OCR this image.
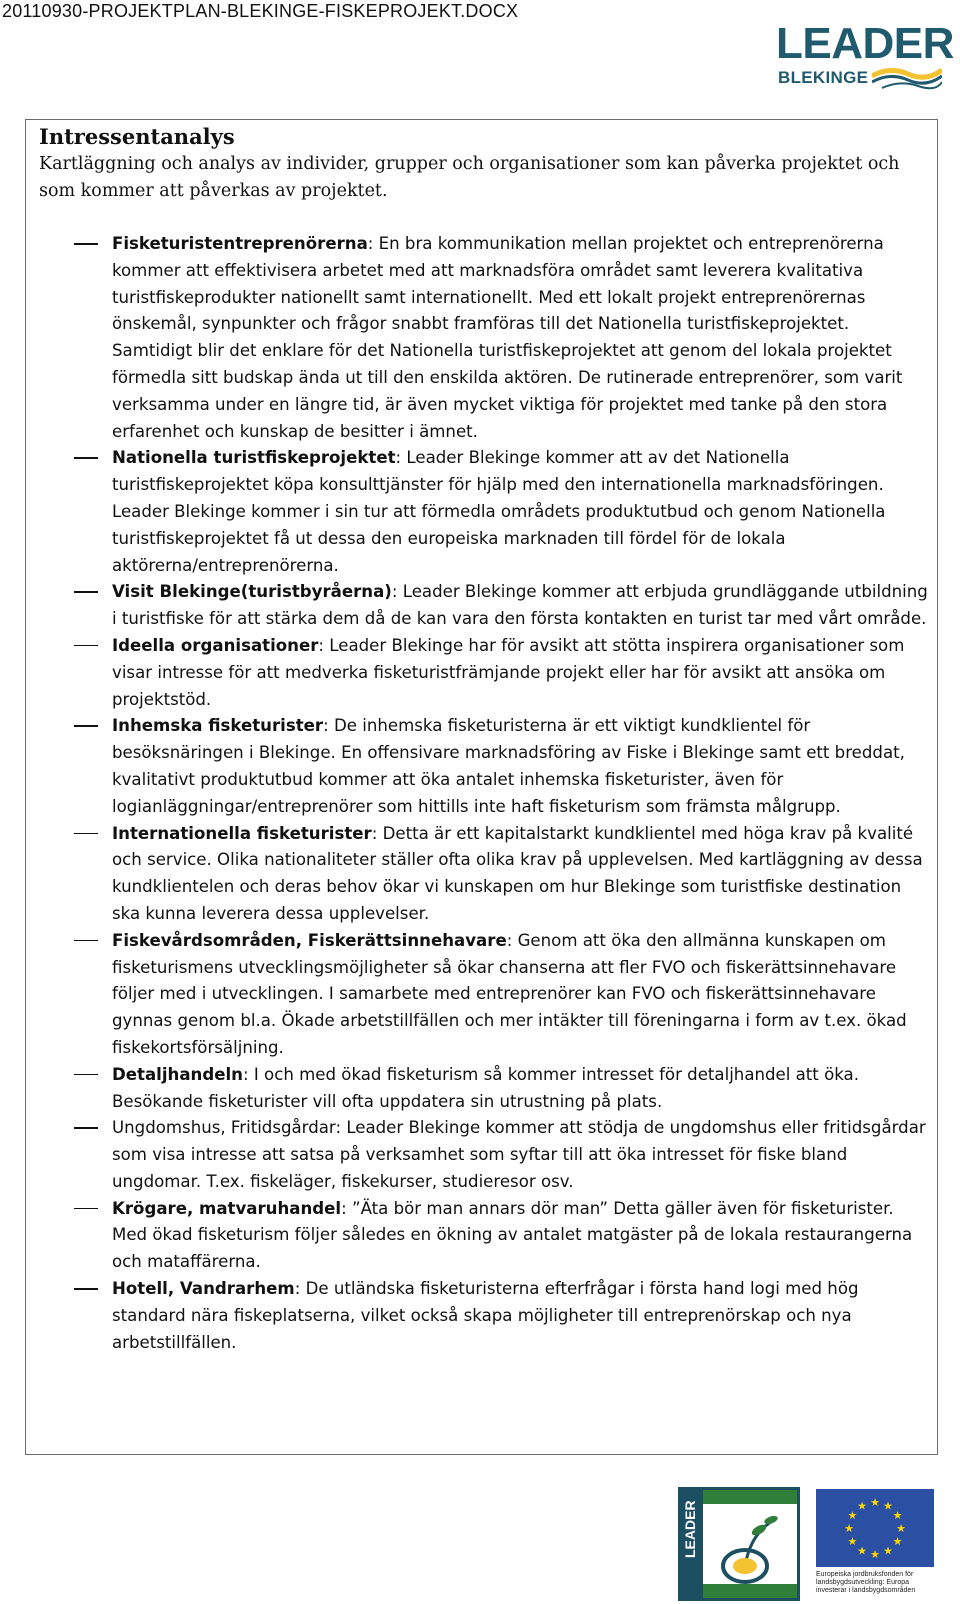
20110930-PROJEKTPLAN-BLEKINGE-FISKEPROJEKT.DOCX
LEADER
BLEKINGE
Intressentanalys
Kartläggning och analys av individer, grupper och organisationer som kan påverka projektet och som kommer att påverkas av projektet.
Fisketuristentreprenörerna: En bra kommunikation mellan projektet och entreprenörerna kommer att effektivisera arbetet med att marknadsföra området samt leverera kvalitativa turistfiskeprodukter nationellt samt internationellt. Med ett lokalt projekt entreprenörernas önskemål, synpunkter och frågor snabbt framföras till det Nationella turistfiskeprojektet. Samtidigt blir det enklare för det Nationella turistfiskeprojektet att genom del lokala projektet förmedla sitt budskap ända ut till den enskilda aktören. De rutinerade entreprenörer, som varit verksamma under en längre tid, är även mycket viktiga för projektet med tanke på den stora erfarenhet och kunskap de besitter i ämnet.
Nationella turistfiskeprojektet: Leader Blekinge kommer att av det Nationella turistfiskeprojektet köpa konsulttjänster för hjälp med den internationella marknadsföringen. Leader Blekinge kommer i sin tur att förmedla områdets produktutbud och genom Nationella turistfiskeprojektet få ut dessa den europeiska marknaden till fördel för de lokala aktörerna/entreprenörerna.
Visit Blekinge(turistbyråerna): Leader Blekinge kommer att erbjuda grundläggande utbildning i turistfiske för att stärka dem då de kan vara den första kontakten en turist tar med vårt område.
Ideella organisationer: Leader Blekinge har för avsikt att stötta inspirera organisationer som visar intresse för att medverka fisketuristfrämjande projekt eller har för avsikt att ansöka om projektstöd.
Inhemska fisketurister: De inhemska fisketuristerna är ett viktigt kundklientel för besöksnäringen i Blekinge. En offensivare marknadsföring av Fiske i Blekinge samt ett breddat, kvalitativt produktutbud kommer att öka antalet inhemska fisketurister, även för logianläggningar/entreprenörer som hittills inte haft fisketurism som främsta målgrupp.
Internationella fisketurister: Detta är ett kapitalstarkt kundklientel med höga krav på kvalité och service. Olika nationaliteter ställer ofta olika krav på upplevelsen. Med kartläggning av dessa kundklientelen och deras behov ökar vi kunskapen om hur Blekinge som turistfiske destination ska kunna leverera dessa upplevelser.
Fiskevårdsområden, Fiskerättsinnehavare: Genom att öka den allmänna kunskapen om fisketurismens utvecklingsmöjligheter så ökar chanserna att fler FVO och fiskerättsinnehavare följer med i utvecklingen. I samarbete med entreprenörer kan FVO och fiskerättsinnehavare gynnas genom bl.a. Ökade arbetstillfällen och mer intäkter till föreningarna i form av t.ex. ökad fiskekortsförsäljning.
Detaljhandeln: I och med ökad fisketurism så kommer intresset för detaljhandel att öka. Besökande fisketurister vill ofta uppdatera sin utrustning på plats.
Ungdomshus, Fritidsgårdar: Leader Blekinge kommer att stödja de ungdomshus eller fritidsgårdar som visa intresse att satsa på verksamhet som syftar till att öka intresset för fiske bland ungdomar. T.ex. fiskeläger, fiskekurser, studieresor osv.
Krögare, matvaruhandel: ”Äta bör man annars dör man” Detta gäller även för fisketurister. Med ökad fisketurism följer således en ökning av antalet matgäster på de lokala restaurangerna och mataffärerna.
Hotell, Vandrarhem: De utländska fisketuristerna efterfrågar i första hand logi med hög standard nära fiskeplatserna, vilket också skapa möjligheter till entreprenörskap och nya arbetstillfällen.
LEADER	★
★
★
★
★
★
★
★
★ ★ ★
★
Europeiska jordbruksfonden för landsbygdsutveckling: Europa investerar i landsbygdsområden
